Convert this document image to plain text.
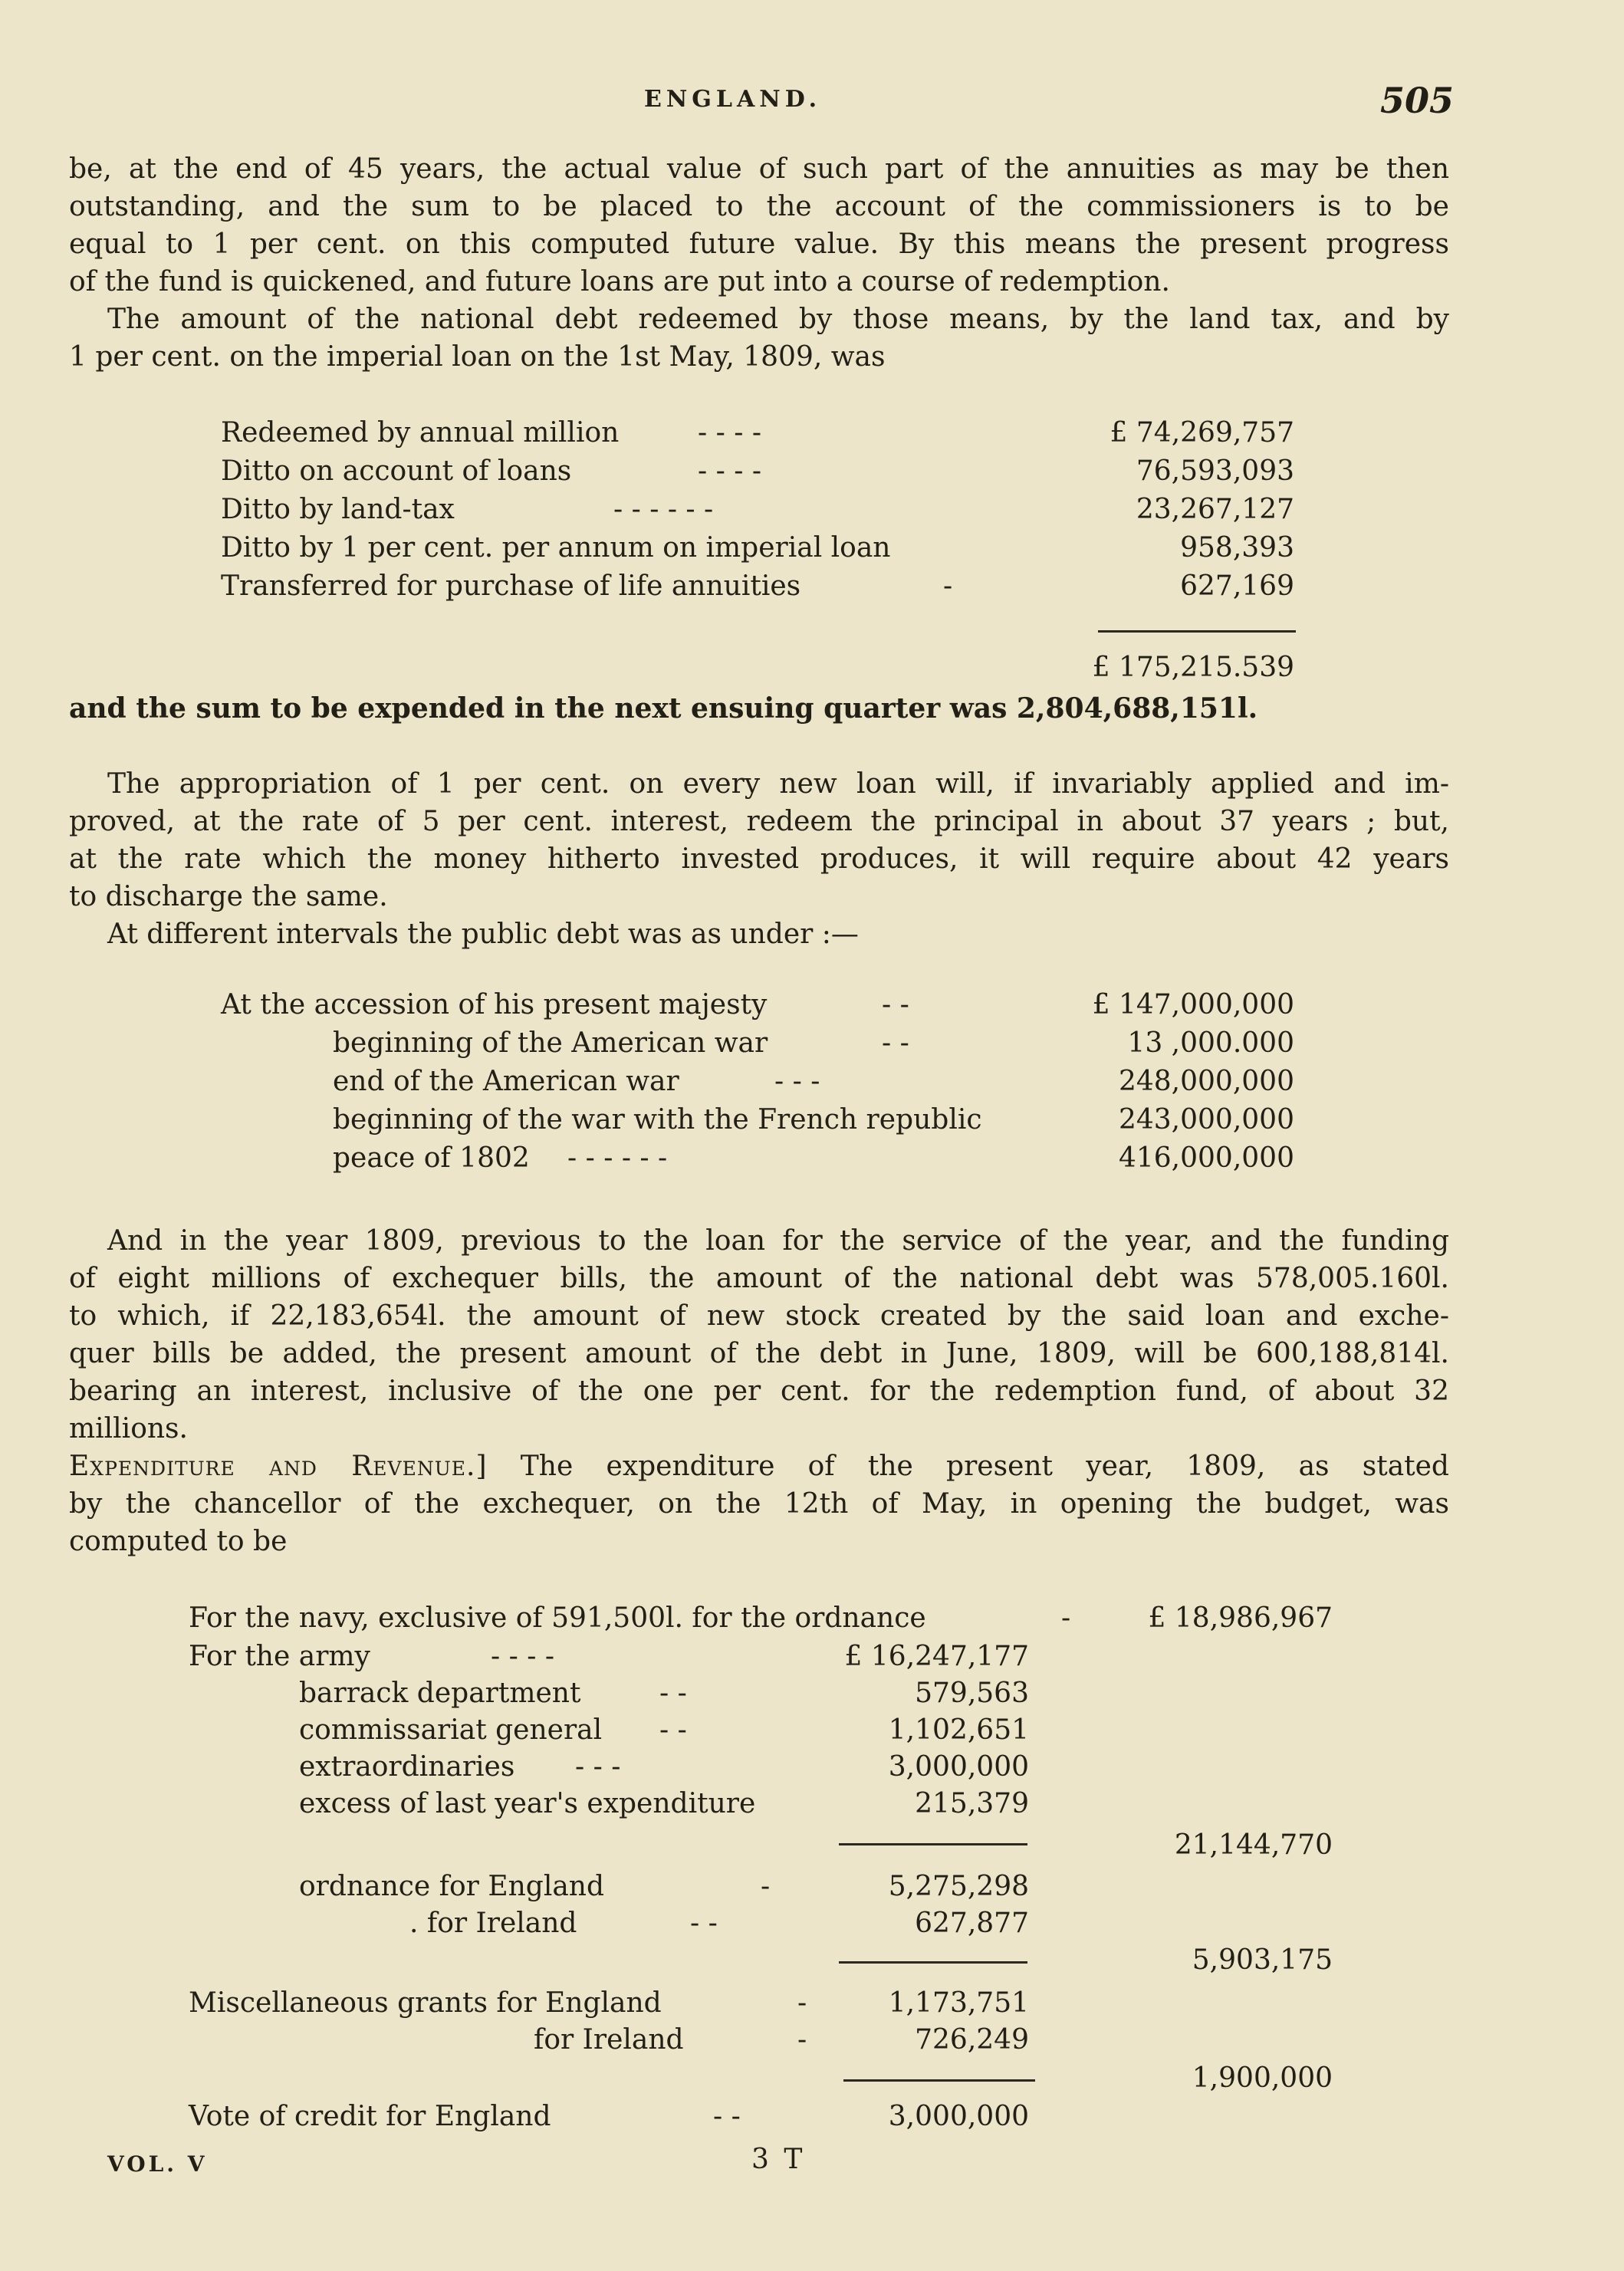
ENGLAND.	505

be, at the end of 45 years, the actual value of such part of the annuities as may be then
outstanding, and the sum to be placed to the account of the commissioners is to be
equal to 1 per cent. on this computed future value. By this means the present progress
of the fund is quickened, and future loans are put into a course of redemption.

The amount of the national debt redeemed by those means, by the land tax, and by
1 per cent. on the imperial loan on the 1st May, 1809, was

Redeemed by annual million	- - - -	£ 74,269,757
Ditto on account of loans	- - - -	76,593,093
Ditto by land-tax	- - - - - -	23,267,127
Ditto by 1 per cent. per annum on imperial loan	958,393
Transferred for purchase of life annuities	-	627,169
£ 175,215.539

and the sum to be expended in the next ensuing quarter was 2,804,688,151l.

The appropriation of 1 per cent. on every new loan will, if invariably applied and im-
proved, at the rate of 5 per cent. interest, redeem the principal in about 37 years ; but,
at the rate which the money hitherto invested produces, it will require about 42 years
to discharge the same.

At different intervals the public debt was as under :—

At the accession of his present majesty	- -	£ 147,000,000
beginning of the American war	- -	13 ,000.000
end of the American war	- - -	248,000,000
beginning of the war with the French republic	243,000,000
peace of 1802 - - - - - -	416,000,000

And in the year 1809, previous to the loan for the service of the year, and the funding
of eight millions of exchequer bills, the amount of the national debt was 578,005.160l.
to which, if 22,183,654l. the amount of new stock created by the said loan and exche-
quer bills be added, the present amount of the debt in June, 1809, will be 600,188,814l.
bearing an interest, inclusive of the one per cent. for the redemption fund, of about 32
millions.

Expenditure and Revenue.] The expenditure of the present year, 1809, as stated
by the chancellor of the exchequer, on the 12th of May, in opening the budget, was
computed to be

For the navy, exclusive of 591,500l. for the ordnance	-	£ 18,986,967
For the army	- - - -	£ 16,247,177
barrack department	- -	579,563
commissariat general - -	1,102,651
extraordinaries - - -	3,000,000
excess of last year's expenditure	215,379
21,144,770
ordnance for England	-	5,275,298
. for Ireland	- -	627,877
5,903,175
Miscellaneous grants for England	-	1,173,751
for Ireland	-	726,249
1,900,000
Vote of credit for England	- -	3,000,000
VOL. V	3 T
